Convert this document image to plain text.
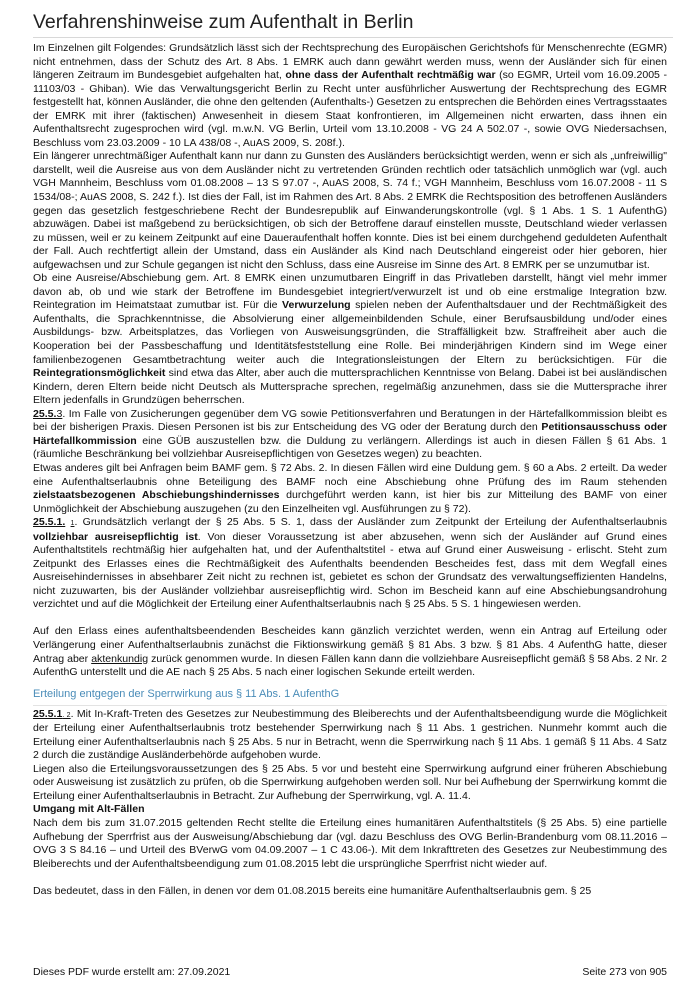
Verfahrenshinweise zum Aufenthalt in Berlin

Im Einzelnen gilt Folgendes: Grundsätzlich lässt sich der Rechtsprechung des Europäischen Gerichtshofs für Menschenrechte (EGMR) nicht entnehmen, dass der Schutz des Art. 8 Abs. 1 EMRK auch dann gewährt werden muss, wenn der Ausländer sich für einen längeren Zeitraum im Bundesgebiet aufgehalten hat, ohne dass der Aufenthalt rechtmäßig war (so EGMR, Urteil vom 16.09.2005 - 11103/03 - Ghiban). Wie das Verwaltungsgericht Berlin zu Recht unter ausführlicher Auswertung der Rechtsprechung des EGMR festgestellt hat, können Ausländer, die ohne den geltenden (Aufenthalts-) Gesetzen zu entsprechen die Behörden eines Vertragsstaates der EMRK mit ihrer (faktischen) Anwesenheit in diesem Staat konfrontieren, im Allgemeinen nicht erwarten, dass ihnen ein Aufenthaltsrecht zugesprochen wird (vgl. m.w.N. VG Berlin, Urteil vom 13.10.2008 - VG 24 A 502.07 -, sowie OVG Niedersachsen, Beschluss vom 23.03.2009 - 10 LA 438/08 -, AuAS 2009, S. 208f.).

Ein längerer unrechtmäßiger Aufenthalt kann nur dann zu Gunsten des Ausländers berücksichtigt werden, wenn er sich als „unfreiwillig" darstellt, weil die Ausreise aus von dem Ausländer nicht zu vertretenden Gründen rechtlich oder tatsächlich unmöglich war (vgl. auch VGH Mannheim, Beschluss vom 01.08.2008 – 13 S 97.07 -, AuAS 2008, S. 74 f.; VGH Mannheim, Beschluss vom 16.07.2008 - 11 S 1534/08-; AuAS 2008, S. 242 f.). Ist dies der Fall, ist im Rahmen des Art. 8 Abs. 2 EMRK die Rechtsposition des betroffenen Ausländers gegen das gesetzlich festgeschriebene Recht der Bundesrepublik auf Einwanderungskontrolle (vgl. § 1 Abs. 1 S. 1 AufenthG) abzuwägen. Dabei ist maßgebend zu berücksichtigen, ob sich der Betroffene darauf einstellen musste, Deutschland wieder verlassen zu müssen, weil er zu keinem Zeitpunkt auf eine Daueraufenthalt hoffen konnte. Dies ist bei einem durchgehend geduldeten Aufenthalt der Fall. Auch rechtfertigt allein der Umstand, dass ein Ausländer als Kind nach Deutschland eingereist oder hier geboren, hier aufgewachsen und zur Schule gegangen ist nicht den Schluss, dass eine Ausreise im Sinne des Art. 8 EMRK per se unzumutbar ist.

Ob eine Ausreise/Abschiebung gem. Art. 8 EMRK einen unzumutbaren Eingriff in das Privatleben darstellt, hängt viel mehr immer davon ab, ob und wie stark der Betroffene im Bundesgebiet integriert/verwurzelt ist und ob eine erstmalige Integration bzw. Reintegration im Heimatstaat zumutbar ist. Für die Verwurzelung spielen neben der Aufenthaltsdauer und der Rechtmäßigkeit des Aufenthalts, die Sprachkenntnisse, die Absolvierung einer allgemeinbildenden Schule, einer Berufsausbildung und/oder eines Ausbildungs- bzw. Arbeitsplatzes, das Vorliegen von Ausweisungsgründen, die Straffälligkeit bzw. Straffreiheit aber auch die Kooperation bei der Passbeschaffung und Identitätsfeststellung eine Rolle. Bei minderjährigen Kindern sind im Wege einer familienbezogenen Gesamtbetrachtung weiter auch die Integrationsleistungen der Eltern zu berücksichtigen. Für die Reintegrationsmöglichkeit sind etwa das Alter, aber auch die muttersprachlichen Kenntnisse von Belang. Dabei ist bei ausländischen Kindern, deren Eltern beide nicht Deutsch als Muttersprache sprechen, regelmäßig anzunehmen, dass sie die Muttersprache ihrer Eltern jedenfalls in Grundzügen beherrschen.

25.5.3. Im Falle von Zusicherungen gegenüber dem VG sowie Petitionsverfahren und Beratungen in der Härtefallkommission bleibt es bei der bisherigen Praxis. Diesen Personen ist bis zur Entscheidung des VG oder der Beratung durch den Petitionsausschuss oder Härtefallkommission eine GÜB auszustellen bzw. die Duldung zu verlängern. Allerdings ist auch in diesen Fällen § 61 Abs. 1 (räumliche Beschränkung bei vollziehbar Ausreisepflichtigen von Gesetzes wegen) zu beachten.

Etwas anderes gilt bei Anfragen beim BAMF gem. § 72 Abs. 2. In diesen Fällen wird eine Duldung gem. § 60 a Abs. 2 erteilt. Da weder eine Aufenthaltserlaubnis ohne Beteiligung des BAMF noch eine Abschiebung ohne Prüfung des im Raum stehenden zielstaatsbezogenen Abschiebungshindernisses durchgeführt werden kann, ist hier bis zur Mitteilung des BAMF von einer Unmöglichkeit der Abschiebung auszugehen (zu den Einzelheiten vgl. Ausführungen zu § 72).

25.5.1. 1. Grundsätzlich verlangt der § 25 Abs. 5 S. 1, dass der Ausländer zum Zeitpunkt der Erteilung der Aufenthaltserlaubnis vollziehbar ausreisepflichtig ist. Von dieser Voraussetzung ist aber abzusehen, wenn sich der Ausländer auf Grund eines Aufenthaltstitels rechtmäßig hier aufgehalten hat, und der Aufenthaltstitel - etwa auf Grund einer Ausweisung - erlischt. Steht zum Zeitpunkt des Erlasses eines die Rechtmäßigkeit des Aufenthalts beendenden Bescheides fest, dass mit dem Wegfall eines Ausreisehindernisses in absehbarer Zeit nicht zu rechnen ist, gebietet es schon der Grundsatz des verwaltungseffizienten Handelns, nicht zuzuwarten, bis der Ausländer vollziehbar ausreisepflichtig wird. Schon im Bescheid kann auf eine Abschiebungsandrohung verzichtet und auf die Möglichkeit der Erteilung einer Aufenthaltserlaubnis nach § 25 Abs. 5 S. 1 hingewiesen werden.

Auf den Erlass eines aufenthaltsbeendenden Bescheides kann gänzlich verzichtet werden, wenn ein Antrag auf Erteilung oder Verlängerung einer Aufenthaltserlaubnis zunächst die Fiktionswirkung gemäß § 81 Abs. 3 bzw. § 81 Abs. 4 AufenthG hatte, dieser Antrag aber aktenkundig zurück genommen wurde. In diesen Fällen kann dann die vollziehbare Ausreisepflicht gemäß § 58 Abs. 2 Nr. 2 AufenthG unterstellt und die AE nach § 25 Abs. 5 nach einer logischen Sekunde erteilt werden.

Erteilung entgegen der Sperrwirkung aus § 11 Abs. 1 AufenthG

25.5.1. 2. Mit In-Kraft-Treten des Gesetzes zur Neubestimmung des Bleiberechts und der Aufenthaltsbeendigung wurde die Möglichkeit der Erteilung einer Aufenthaltserlaubnis trotz bestehender Sperrwirkung nach § 11 Abs. 1 gestrichen. Nunmehr kommt auch die Erteilung einer Aufenthaltserlaubnis nach § 25 Abs. 5 nur in Betracht, wenn die Sperrwirkung nach § 11 Abs. 1 gemäß § 11 Abs. 4 Satz 2 durch die zuständige Ausländerbehörde aufgehoben wurde.

Liegen also die Erteilungsvoraussetzungen des § 25 Abs. 5 vor und besteht eine Sperrwirkung aufgrund einer früheren Abschiebung oder Ausweisung ist zusätzlich zu prüfen, ob die Sperrwirkung aufgehoben werden soll. Nur bei Aufhebung der Sperrwirkung kommt die Erteilung einer Aufenthaltserlaubnis in Betracht. Zur Aufhebung der Sperrwirkung, vgl. A. 11.4.

Umgang mit Alt-Fällen

Nach dem bis zum 31.07.2015 geltenden Recht stellte die Erteilung eines humanitären Aufenthaltstitels (§ 25 Abs. 5) eine partielle Aufhebung der Sperrfrist aus der Ausweisung/Abschiebung dar (vgl. dazu Beschluss des OVG Berlin-Brandenburg vom 08.11.2016 – OVG 3 S 84.16 – und Urteil des BVerwG vom 04.09.2007 – 1 C 43.06-). Mit dem Inkrafttreten des Gesetzes zur Neubestimmung des Bleiberechts und der Aufenthaltsbeendigung zum 01.08.2015 lebt die ursprüngliche Sperrfrist nicht wieder auf.

Das bedeutet, dass in den Fällen, in denen vor dem 01.08.2015 bereits eine humanitäre Aufenthaltserlaubnis gem. § 25

Dieses PDF wurde erstellt am: 27.09.2021	Seite 273 von 905
